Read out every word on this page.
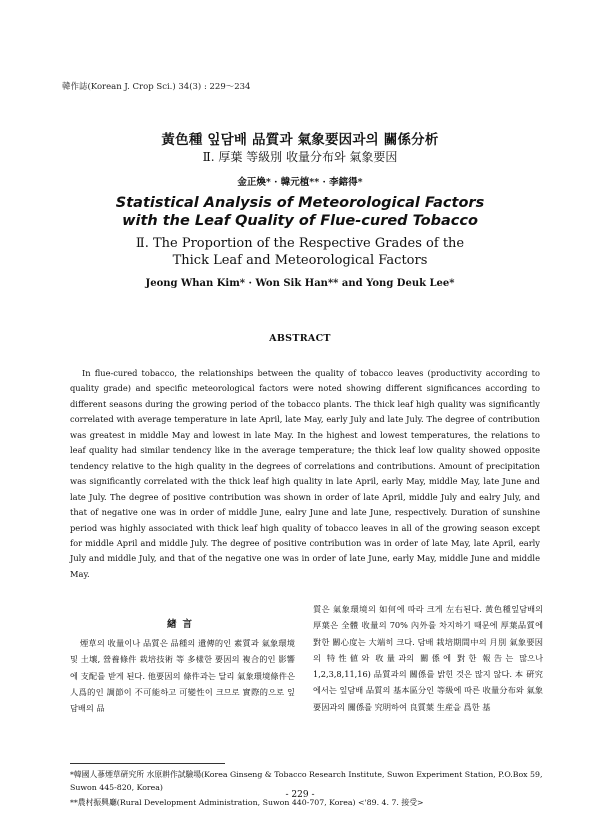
韓作誌(Korean J. Crop Sci.) 34(3) : 229～234
黃色種 잎담배 品質과 氣象要因과의 關係分析
Ⅱ. 厚葉 等級別 收量分布와 氣象要因
金正煥* · 韓元植** · 李鎔得*
Statistical Analysis of Meteorological Factors
with the Leaf Quality of Flue-cured Tobacco
Ⅱ. The Proportion of the Respective Grades of the
Thick Leaf and Meteorological Factors
Jeong Whan Kim* · Won Sik Han** and Yong Deuk Lee*
ABSTRACT

In flue-cured tobacco, the relationships between the quality of tobacco leaves (productivity according to quality grade) and specific meteorological factors were noted showing different significances according to different seasons during the growing period of the tobacco plants. The thick leaf high quality was significantly correlated with average temperature in late April, late May, early July and late July. The degree of contribution was greatest in middle May and lowest in late May. In the highest and lowest temperatures, the relations to leaf quality had similar tendency like in the average temperature; the thick leaf low quality showed opposite tendency relative to the high quality in the degrees of correlations and contributions. Amount of precipitation was significantly correlated with the thick leaf high quality in late April, early May, middle May, late June and late July. The degree of positive contribution was shown in order of late April, middle July and ealry July, and that of negative one was in order of middle June, ealry June and late June, respectively. Duration of sunshine period was highly associated with thick leaf high quality of tobacco leaves in all of the growing season except for middle April and middle July. The degree of positive contribution was in order of late May, late April, early July and middle July, and that of the negative one was in order of late June, early May, middle June and middle May.

緖言

煙草의 收量이나 品質은 品種의 遺傳的인 素質과 氣象環境 및 土壤, 營養條件 栽培技術 等 多樣한 要因의 複合的인 影響에 支配를 받게 된다. 他要因의 條件과는 달리 氣象環境條件은 人爲的인 調節이 不可能하고 可變性이 크므로 實際的으로 잎담배의 品

質은 氣象環境의 如何에 따라 크게 左右된다. 黃色種잎담배의 厚葉은 全體 收量의 70% 內外를 차지하기 때문에 厚葉品質에 對한 關心度는 大端히 크다. 담배 栽培期間中의 月別 氣象要因의 特性値와 收量과의 關係에 對한 報告는 많으나1,2,3,8,11,16) 品質과의 關係를 밝힌 것은 많지 않다. 本 硏究에서는 잎담배 品質의 基本區分인 等級에 따른 收量分布와 氣象要因과의 關係를 究明하여 良質葉 生産을 爲한 基

*韓國人蔘煙草硏究所 水原耕作試驗場(Korea Ginseng & Tobacco Research Institute, Suwon Experiment Station, P.O.Box 59, Suwon 445-820, Korea)

**農村振興廳(Rural Development Administration, Suwon 440-707, Korea) <'89. 4. 7. 接受>

- 229 -
